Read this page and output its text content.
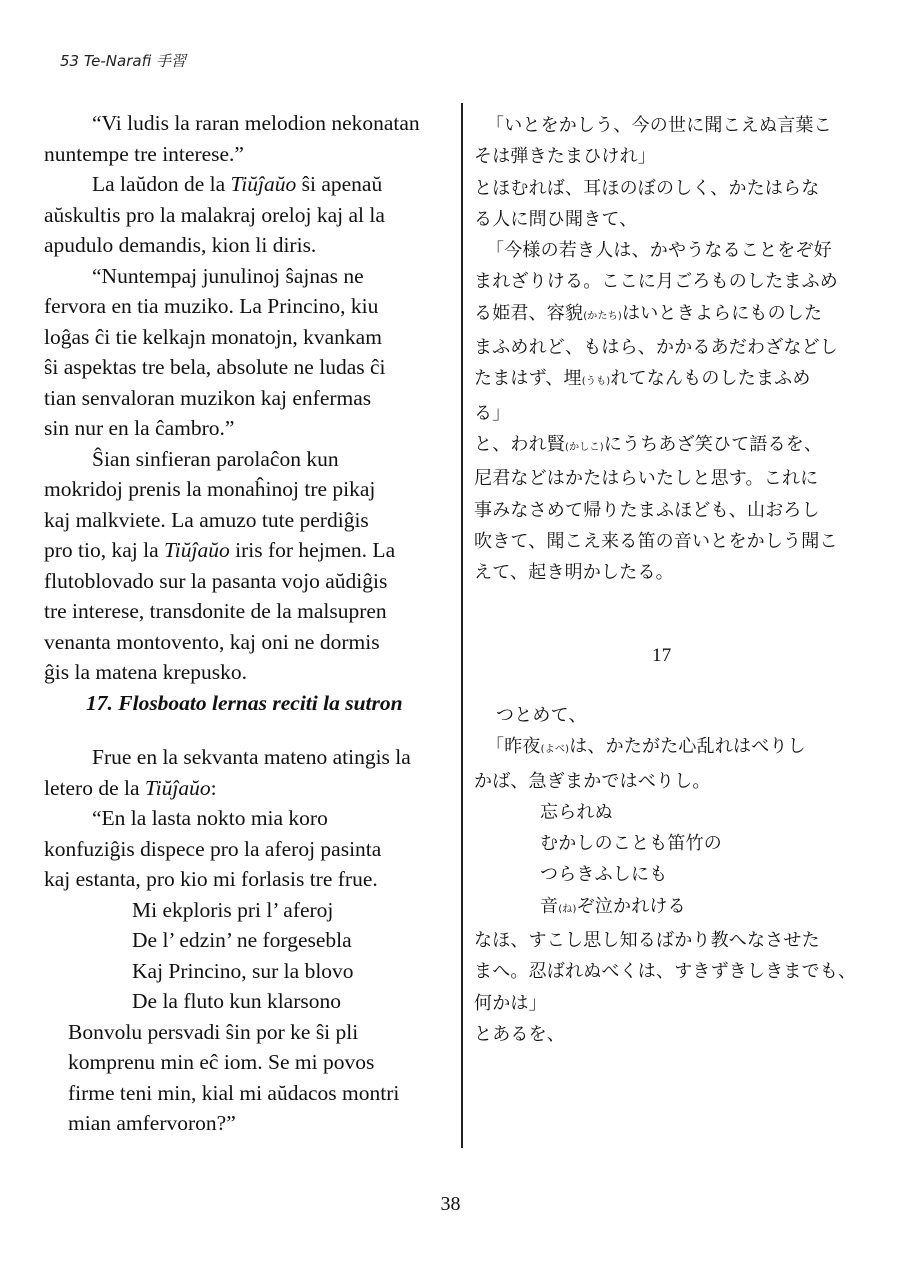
53 Te-Narafi 手習

“Vi ludis la raran melodion nekonatan
nuntempe tre interese.”

La laŭdon de la Tiŭĵaŭo ŝi apenaŭ
aŭskultis pro la malakraj oreloj kaj al la
apudulo demandis, kion li diris.

“Nuntempaj junulinoj ŝajnas ne
fervora en tia muziko. La Princino, kiu
loĝas ĉi tie kelkajn monatojn, kvankam
ŝi aspektas tre bela, absolute ne ludas ĉi
tian senvaloran muzikon kaj enfermas
sin nur en la ĉambro.”

Ŝian sinfieran parolaĉon kun
mokridoj prenis la monaĥinoj tre pikaj
kaj malkviete. La amuzo tute perdiĝis
pro tio, kaj la Tiŭĵaŭo iris for hejmen. La
flutoblovado sur la pasanta vojo aŭdiĝis
tre interese, transdonite de la malsupren
venanta montovento, kaj oni ne dormis
ĝis la matena krepusko.

17. Flosboato lernas reciti la sutron

Frue en la sekvanta mateno atingis la
letero de la Tiŭĵaŭo:

“En la lasta nokto mia koro
konfuziĝis dispece pro la aferoj pasinta
kaj estanta, pro kio mi forlasis tre frue.

Mi ekploris pri l’ aferoj
De l’ edzin’ ne forgesebla
Kaj Princino, sur la blovo
De la fluto kun klarsono

Bonvolu persvadi ŝin por ke ŝi pli
komprenu min eĉ iom. Se mi povos
firme teni min, kial mi aŭdacos montri
mian amfervoron?”

「いとをかしう、今の世に聞こえぬ言葉こ

そは弾きたまひけれ」

とほむれば、耳ほのぼのしく、かたはらな

る人に問ひ聞きて、

「今様の若き人は、かやうなることをぞ好

まれざりける。ここに月ごろものしたまふめ

る姫君、容貌(かたち)はいときよらにものした

まふめれど、もはら、かかるあだわざなどし

たまはず、埋(うも)れてなんものしたまふめ

る」

と、われ賢(かしこ)にうちあざ笑ひて語るを、

尼君などはかたはらいたしと思す。これに

事みなさめて帰りたまふほども、山おろし

吹きて、聞こえ来る笛の音いとをかしう聞こ

えて、起き明かしたる。

17

つとめて、

「昨夜(よべ)は、かたがた心乱れはべりし

かば、急ぎまかではべりし。

忘られぬ

むかしのことも笛竹の

つらきふしにも

音(ね)ぞ泣かれける

なほ、すこし思し知るばかり教へなさせた

まへ。忍ばれぬべくは、すきずきしきまでも、

何かは」

とあるを、

38
